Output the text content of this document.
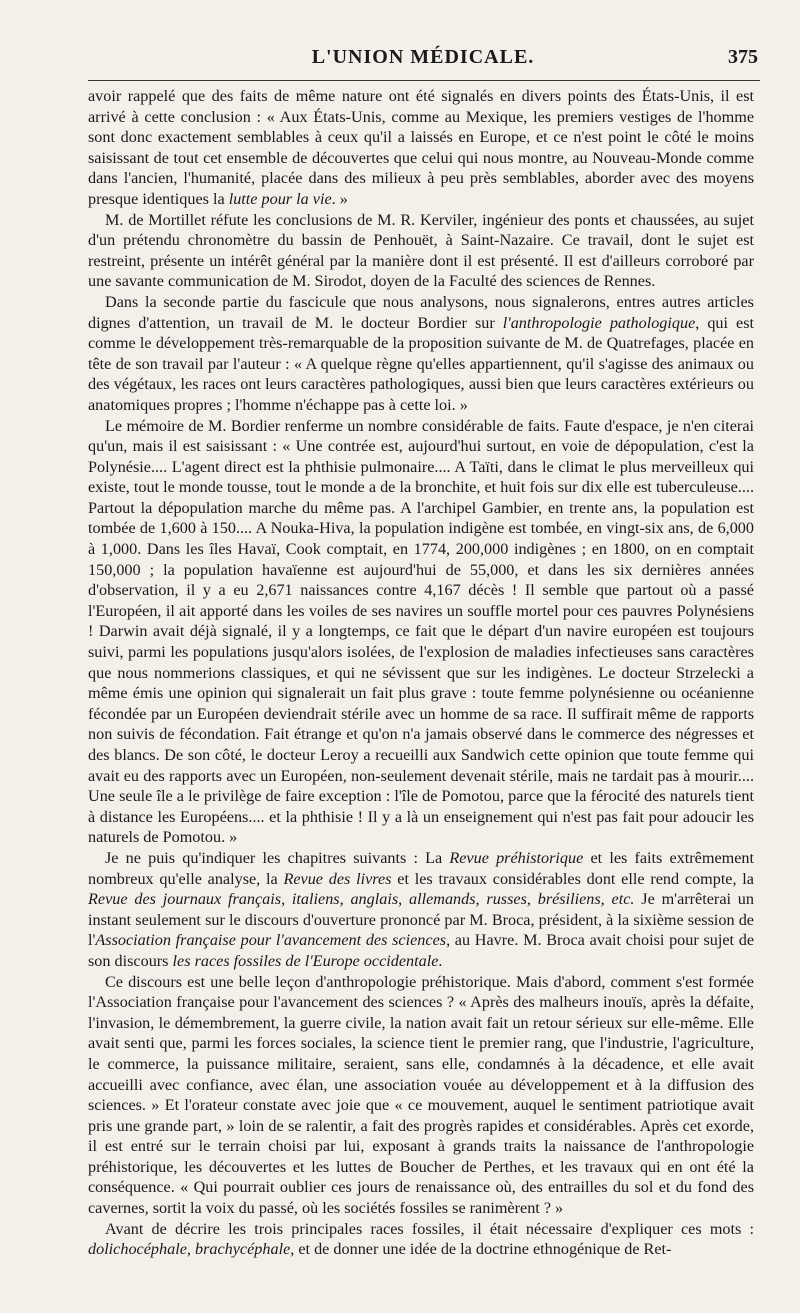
L'UNION MÉDICALE.	375

avoir rappelé que des faits de même nature ont été signalés en divers points des États-Unis, il est arrivé à cette conclusion : « Aux États-Unis, comme au Mexique, les premiers vestiges de l'homme sont donc exactement semblables à ceux qu'il a laissés en Europe, et ce n'est point le côté le moins saisissant de tout cet ensemble de découvertes que celui qui nous montre, au Nouveau-Monde comme dans l'ancien, l'humanité, placée dans des milieux à peu près semblables, aborder avec des moyens presque identiques la lutte pour la vie. »

M. de Mortillet réfute les conclusions de M. R. Kerviler, ingénieur des ponts et chaussées, au sujet d'un prétendu chronomètre du bassin de Penhouët, à Saint-Nazaire. Ce travail, dont le sujet est restreint, présente un intérêt général par la manière dont il est présenté. Il est d'ailleurs corroboré par une savante communication de M. Sirodot, doyen de la Faculté des sciences de Rennes.

Dans la seconde partie du fascicule que nous analysons, nous signalerons, entres autres articles dignes d'attention, un travail de M. le docteur Bordier sur l'anthropologie pathologique, qui est comme le développement très-remarquable de la proposition suivante de M. de Quatrefages, placée en tête de son travail par l'auteur : « A quelque règne qu'elles appartiennent, qu'il s'agisse des animaux ou des végétaux, les races ont leurs caractères pathologiques, aussi bien que leurs caractères extérieurs ou anatomiques propres ; l'homme n'échappe pas à cette loi. »

Le mémoire de M. Bordier renferme un nombre considérable de faits. Faute d'espace, je n'en citerai qu'un, mais il est saisissant : « Une contrée est, aujourd'hui surtout, en voie de dépopulation, c'est la Polynésie.... L'agent direct est la phthisie pulmonaire.... A Taïti, dans le climat le plus merveilleux qui existe, tout le monde tousse, tout le monde a de la bronchite, et huit fois sur dix elle est tuberculeuse.... Partout la dépopulation marche du même pas. A l'archipel Gambier, en trente ans, la population est tombée de 1,600 à 150.... A Nouka-Hiva, la population indigène est tombée, en vingt-six ans, de 6,000 à 1,000. Dans les îles Havaï, Cook comptait, en 1774, 200,000 indigènes ; en 1800, on en comptait 150,000 ; la population havaïenne est aujourd'hui de 55,000, et dans les six dernières années d'observation, il y a eu 2,671 naissances contre 4,167 décès ! Il semble que partout où a passé l'Européen, il ait apporté dans les voiles de ses navires un souffle mortel pour ces pauvres Polynésiens ! Darwin avait déjà signalé, il y a longtemps, ce fait que le départ d'un navire européen est toujours suivi, parmi les populations jusqu'alors isolées, de l'explosion de maladies infectieuses sans caractères que nous nommerions classiques, et qui ne sévissent que sur les indigènes. Le docteur Strzelecki a même émis une opinion qui signalerait un fait plus grave : toute femme polynésienne ou océanienne fécondée par un Européen deviendrait stérile avec un homme de sa race. Il suffirait même de rapports non suivis de fécondation. Fait étrange et qu'on n'a jamais observé dans le commerce des négresses et des blancs. De son côté, le docteur Leroy a recueilli aux Sandwich cette opinion que toute femme qui avait eu des rapports avec un Européen, non-seulement devenait stérile, mais ne tardait pas à mourir.... Une seule île a le privilège de faire exception : l'île de Pomotou, parce que la férocité des naturels tient à distance les Européens.... et la phthisie ! Il y a là un enseignement qui n'est pas fait pour adoucir les naturels de Pomotou. »

Je ne puis qu'indiquer les chapitres suivants : La Revue préhistorique et les faits extrêmement nombreux qu'elle analyse, la Revue des livres et les travaux considérables dont elle rend compte, la Revue des journaux français, italiens, anglais, allemands, russes, brésiliens, etc. Je m'arrêterai un instant seulement sur le discours d'ouverture prononcé par M. Broca, président, à la sixième session de l'Association française pour l'avancement des sciences, au Havre. M. Broca avait choisi pour sujet de son discours les races fossiles de l'Europe occidentale.

Ce discours est une belle leçon d'anthropologie préhistorique. Mais d'abord, comment s'est formée l'Association française pour l'avancement des sciences ? « Après des malheurs inouïs, après la défaite, l'invasion, le démembrement, la guerre civile, la nation avait fait un retour sérieux sur elle-même. Elle avait senti que, parmi les forces sociales, la science tient le premier rang, que l'industrie, l'agriculture, le commerce, la puissance militaire, seraient, sans elle, condamnés à la décadence, et elle avait accueilli avec confiance, avec élan, une association vouée au développement et à la diffusion des sciences. » Et l'orateur constate avec joie que « ce mouvement, auquel le sentiment patriotique avait pris une grande part, » loin de se ralentir, a fait des progrès rapides et considérables. Après cet exorde, il est entré sur le terrain choisi par lui, exposant à grands traits la naissance de l'anthropologie préhistorique, les découvertes et les luttes de Boucher de Perthes, et les travaux qui en ont été la conséquence. « Qui pourrait oublier ces jours de renaissance où, des entrailles du sol et du fond des cavernes, sortit la voix du passé, où les sociétés fossiles se ranimèrent ? »

Avant de décrire les trois principales races fossiles, il était nécessaire d'expliquer ces mots : dolichocéphale, brachycéphale, et de donner une idée de la doctrine ethnogénique de Ret-
